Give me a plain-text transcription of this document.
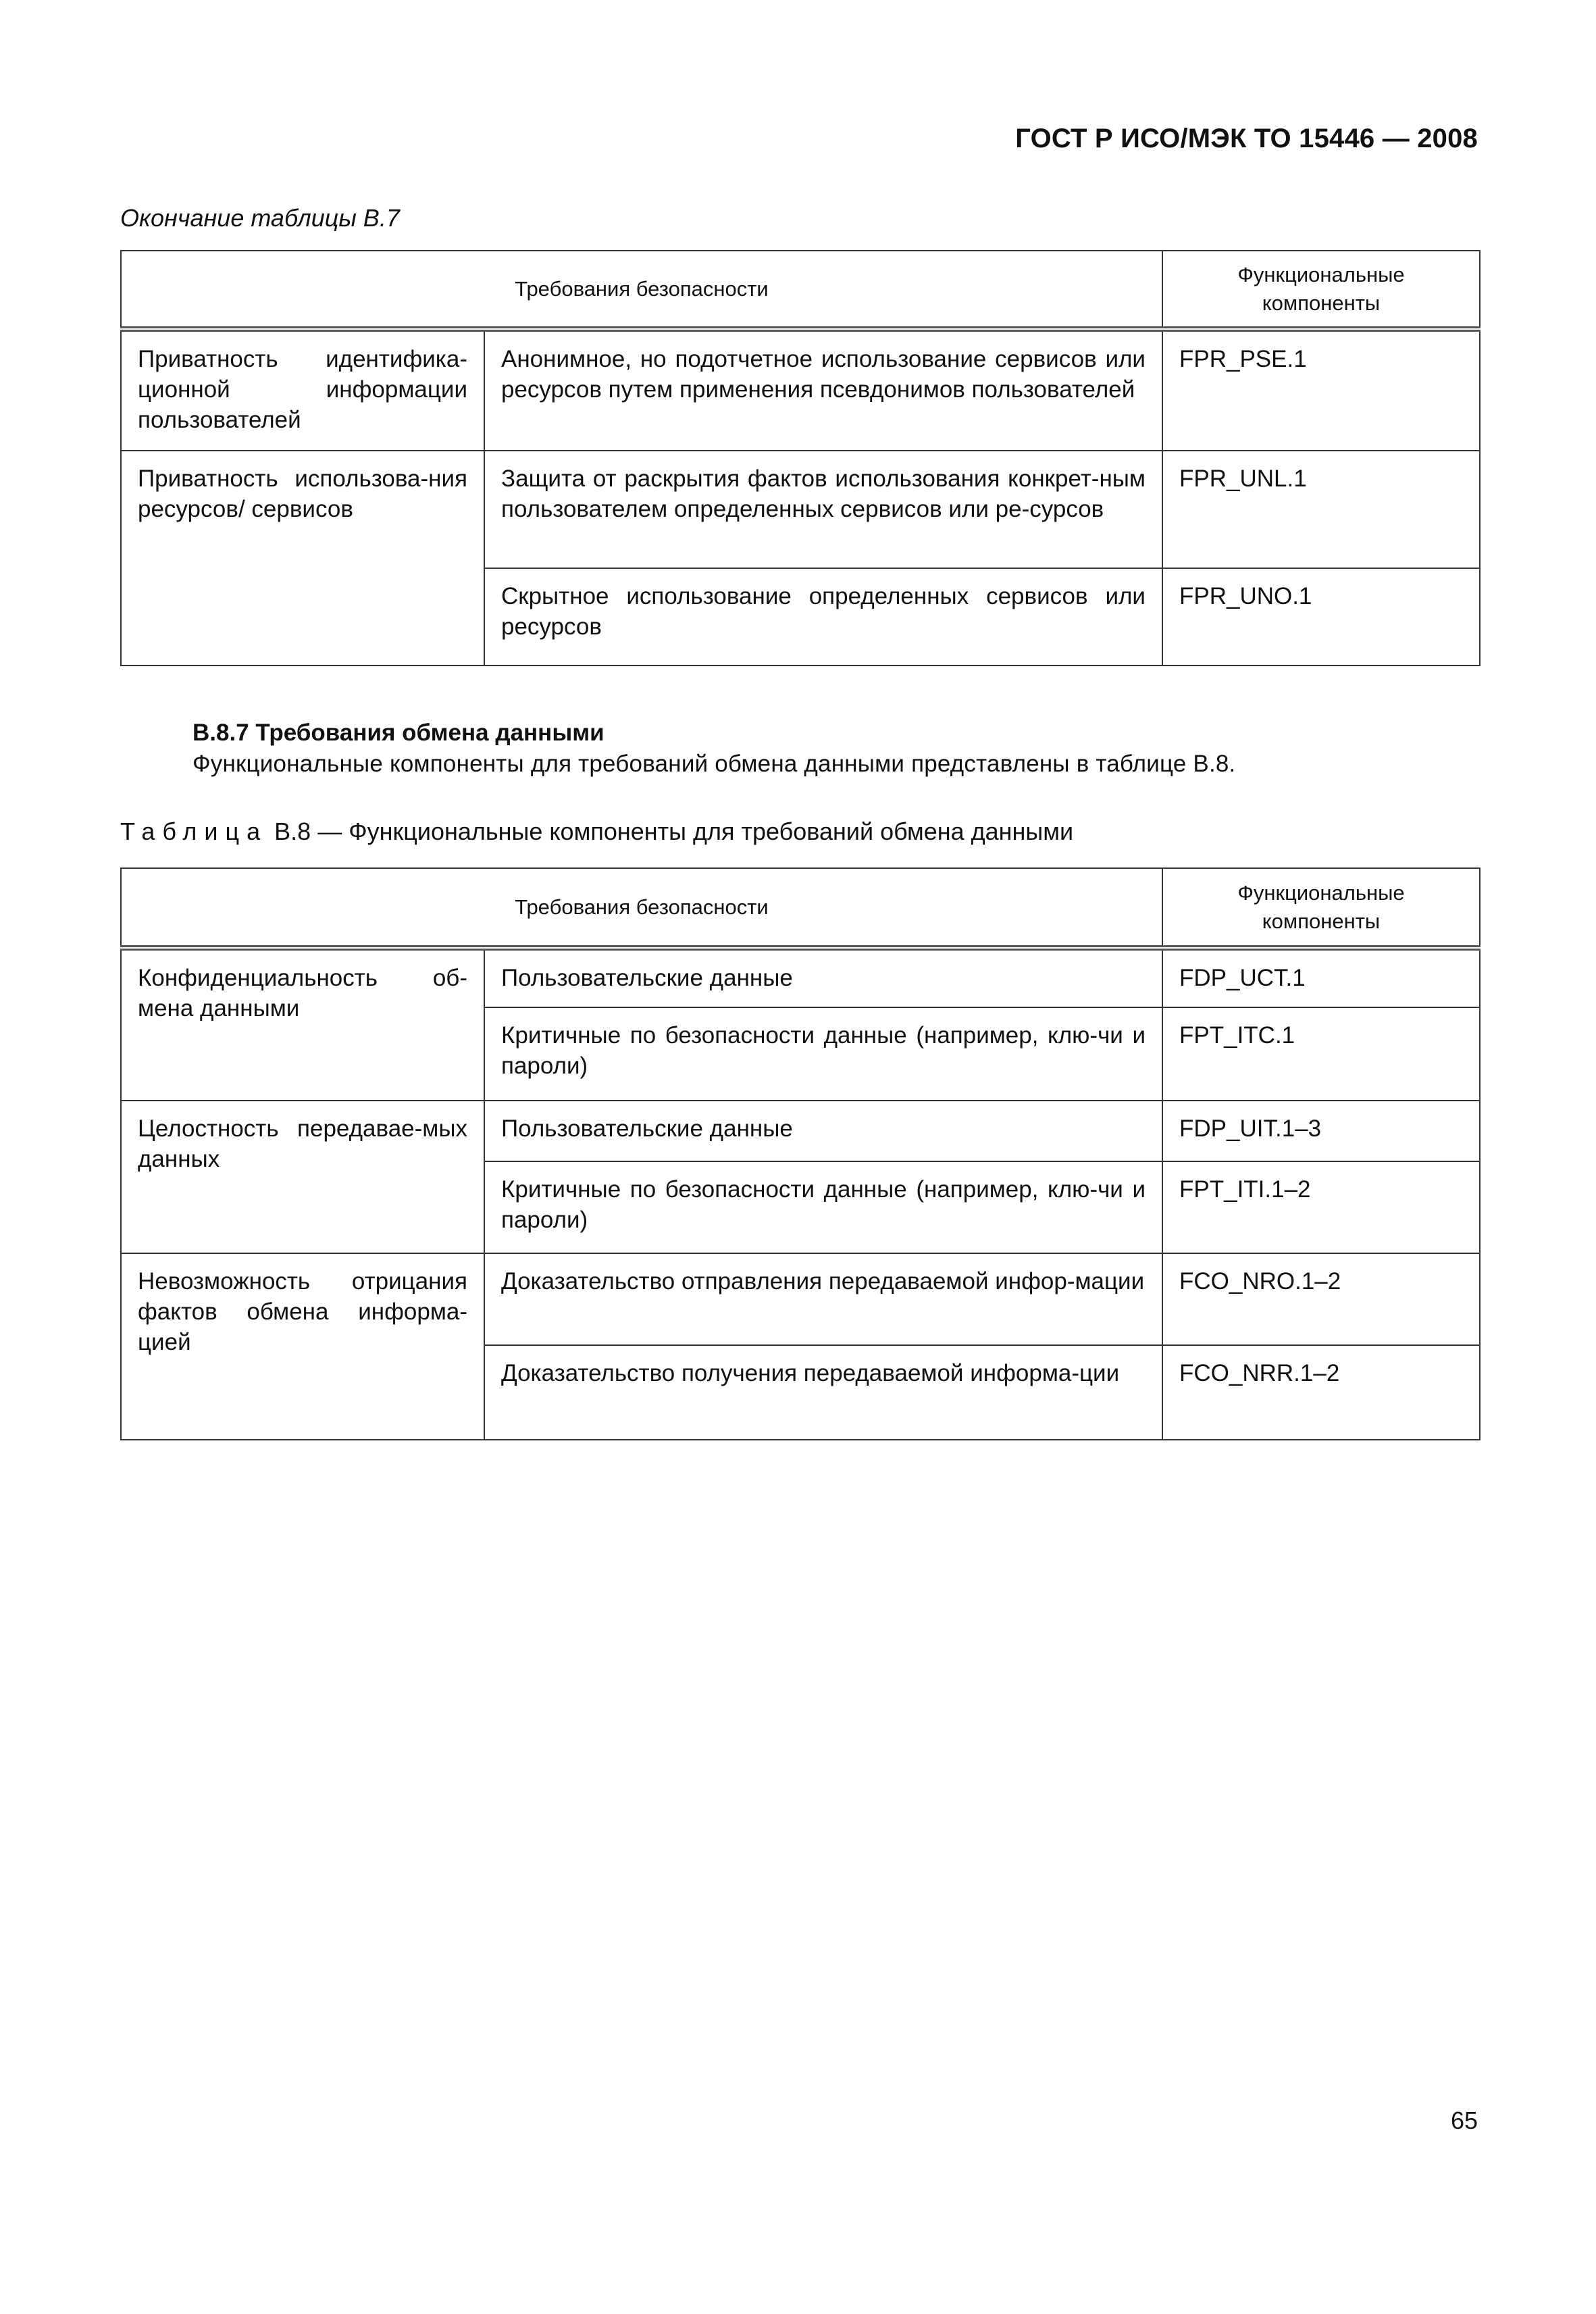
ГОСТ Р ИСО/МЭК ТО 15446 — 2008
Окончание таблицы В.7
Требования безопасности		Функциональные компоненты
Приватность идентифика-ционной информации пользователей	Анонимное, но подотчетное использование сервисов или ресурсов путем применения псевдонимов пользователей	FPR_PSE.1
Приватность использова-ния ресурсов/ сервисов	Защита от раскрытия фактов использования конкрет-ным пользователем определенных сервисов или ре-сурсов	FPR_UNL.1
	Скрытное использование определенных сервисов или ресурсов	FPR_UNO.1
В.8.7 Требования обмена данными
Функциональные компоненты для требований обмена данными представлены в таблице В.8.
Таблица В.8 — Функциональные компоненты для требований обмена данными
Требования безопасности		Функциональные компоненты
Конфиденциальность об-мена данными	Пользовательские данные	FDP_UCT.1
	Критичные по безопасности данные (например, клю-чи и пароли)	FPT_ITC.1
Целостность передавае-мых данных	Пользовательские данные	FDP_UIT.1–3
	Критичные по безопасности данные (например, клю-чи и пароли)	FPT_ITI.1–2
Невозможность отрицания фактов обмена информа-цией	Доказательство отправления передаваемой инфор-мации	FCO_NRO.1–2
	Доказательство получения передаваемой информа-ции	FCO_NRR.1–2
65
